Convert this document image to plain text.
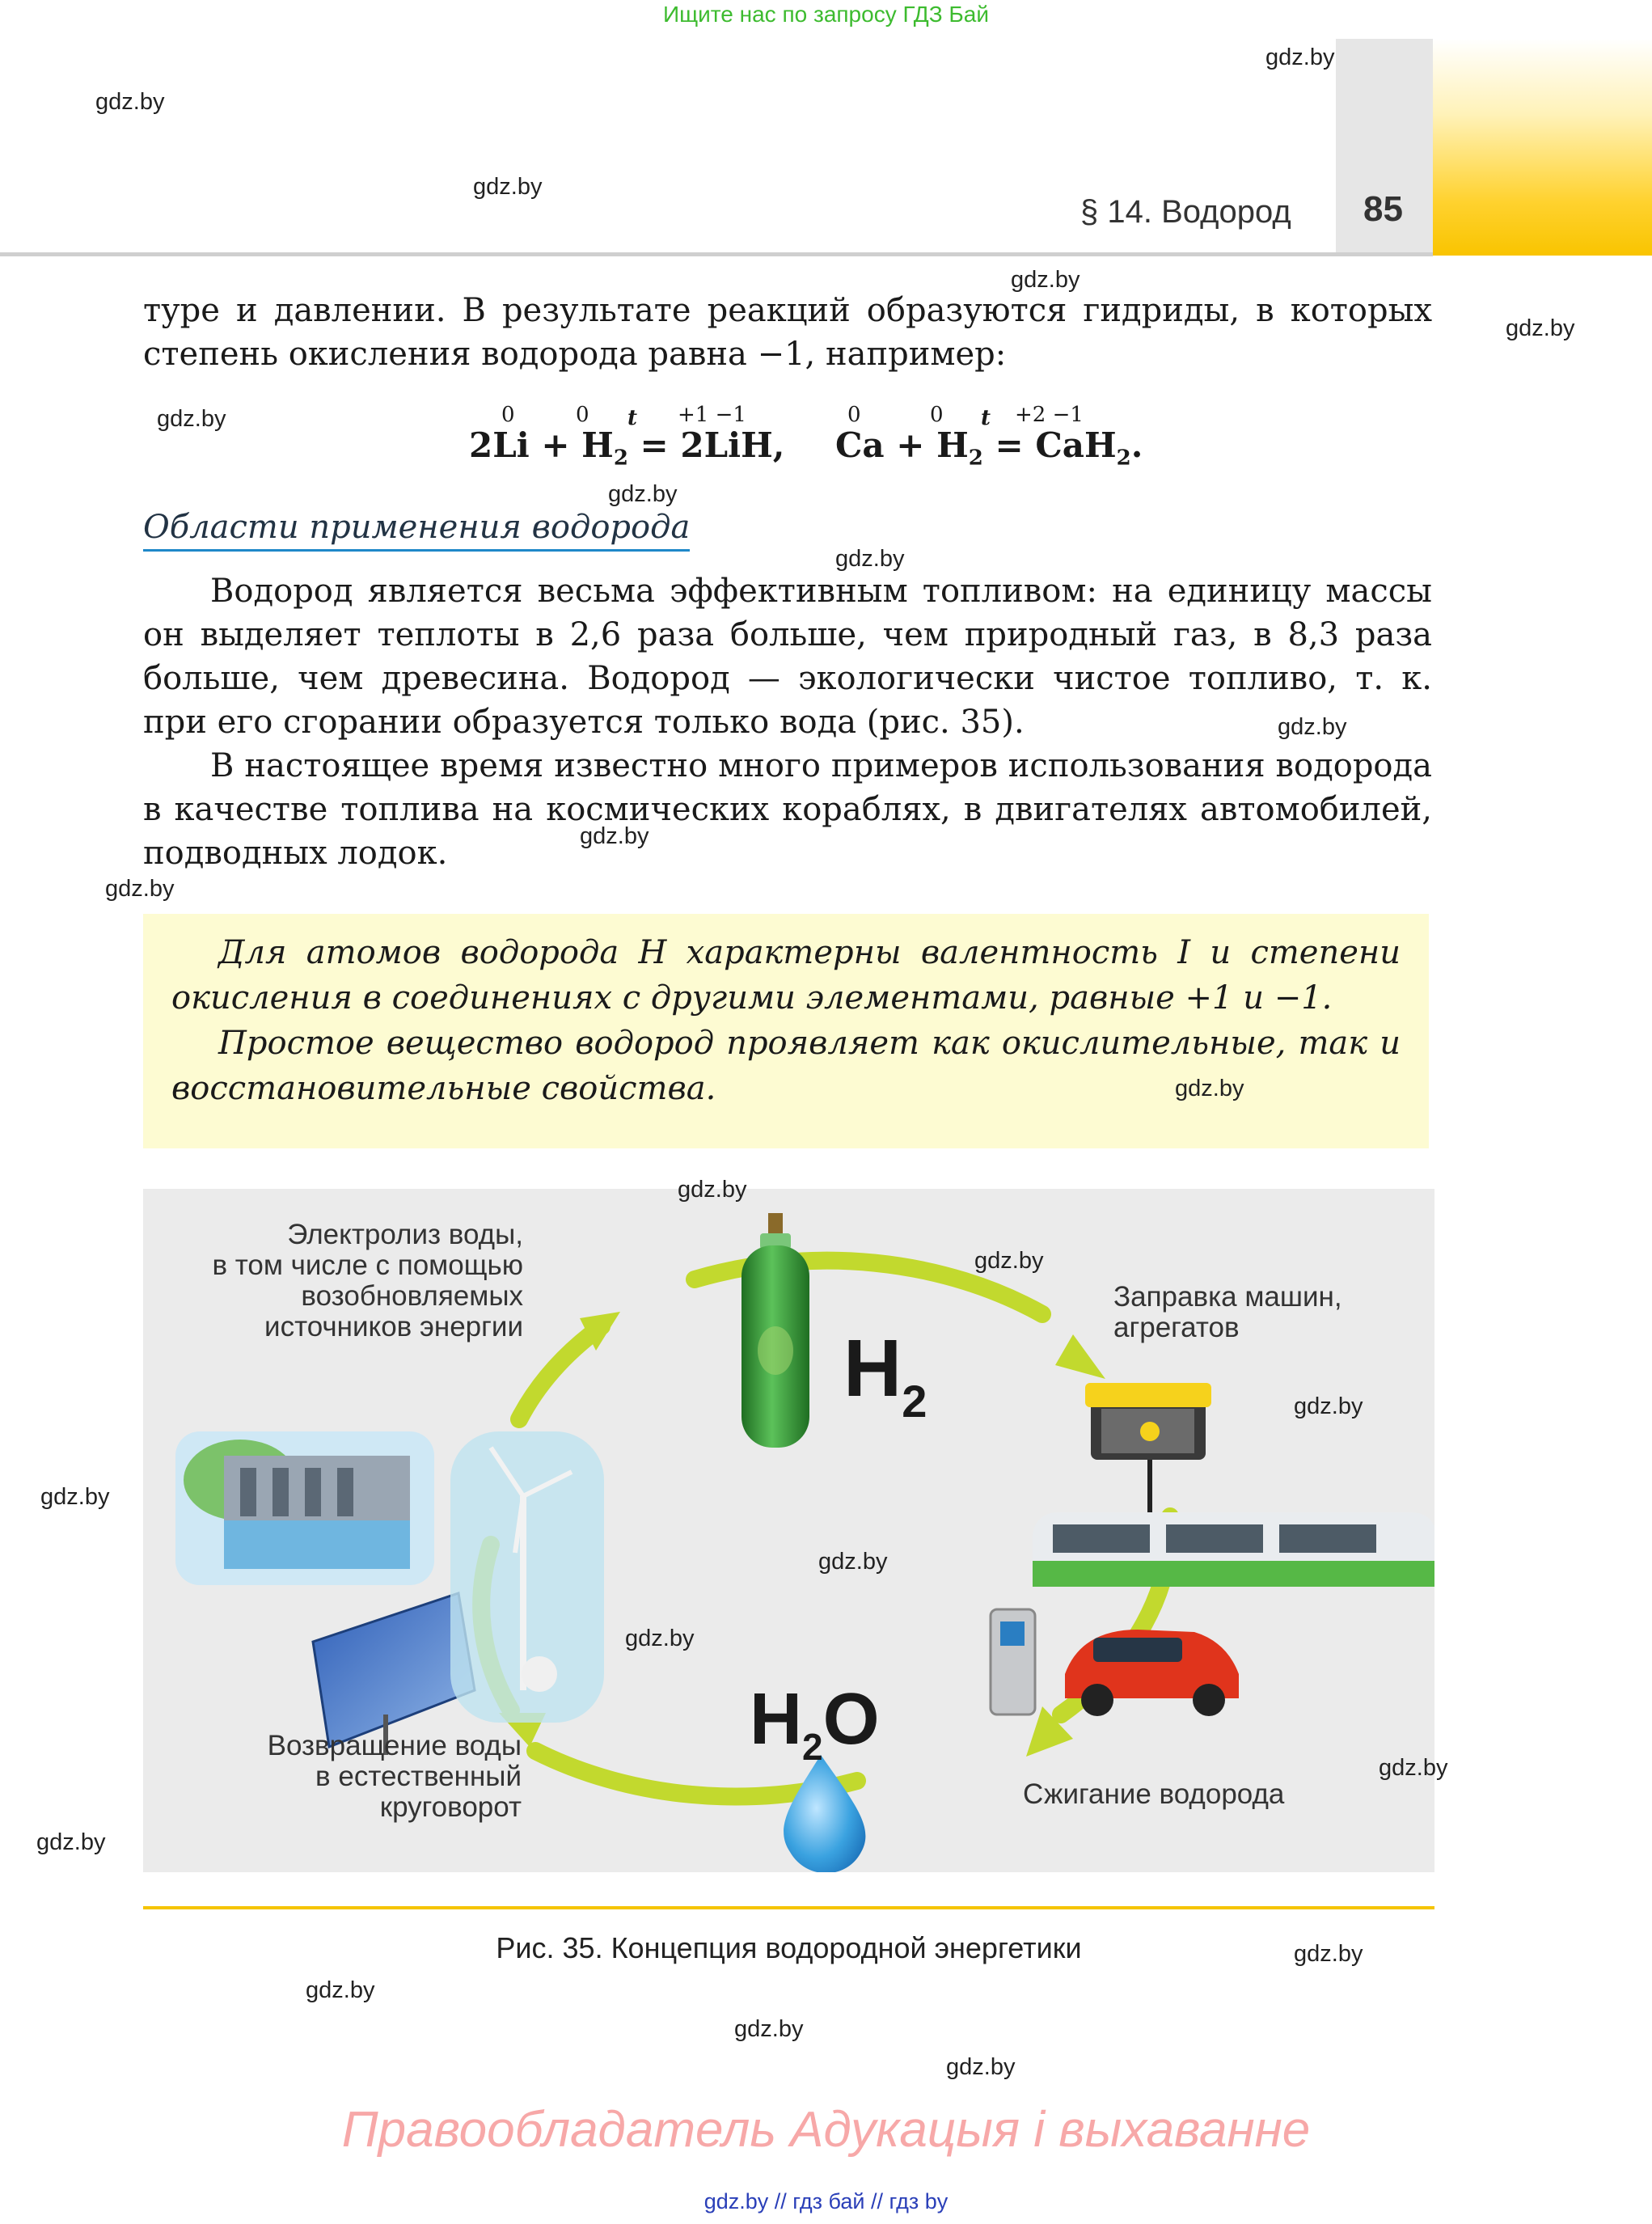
Ищите нас по запросу ГДЗ Бай
§ 14. Водород 85
туре и давлении. В результате реакций образуются гидриды, в которых степень окисления водорода равна −1, например:
0	0 t +1 −1
$2Li + H_2 = 2LiH$,
0	0 t +2 −1
$Ca + H_2 = CaH_2$.
Области применения водорода
Водород является весьма эффективным топливом: на единицу массы он выделяет теплоты в 2,6 раза больше, чем природный газ, в 8,3 раза больше, чем древесина. Водород — экологически чистое топливо, т. к. при его сгорании образуется только вода (рис. 35).
В настоящее время известно много примеров использования водорода в качестве топлива на космических кораблях, в двигателях автомобилей, подводных лодок.

Для атомов водорода H характерны валентность I и степени окисления в соединениях с другими элементами, равные +1 и −1.

Простое вещество водород проявляет как окислительные, так и восстановительные свойства.

Электролиз воды,
в том числе с помощью
возобновляемых
источников энергии
Заправка машин,
агрегатов
Возвращение воды
в естественный
круговорот	Сжигание водорода
$H_2$
$H_2O$
Рис. 35. Концепция водородной энергетики
Правообладатель Адукацыя і выхаванне
gdz.by // гдз бай // гдз by
gdz.by
gdz.by
gdz.by
gdz.by
gdz.by
gdz.by
gdz.by
gdz.by
gdz.by
gdz.by
gdz.by
gdz.by
gdz.by
gdz.by
gdz.by
gdz.by
gdz.by
gdz.by
gdz.by
gdz.by
gdz.by
gdz.by
gdz.by
gdz.by
